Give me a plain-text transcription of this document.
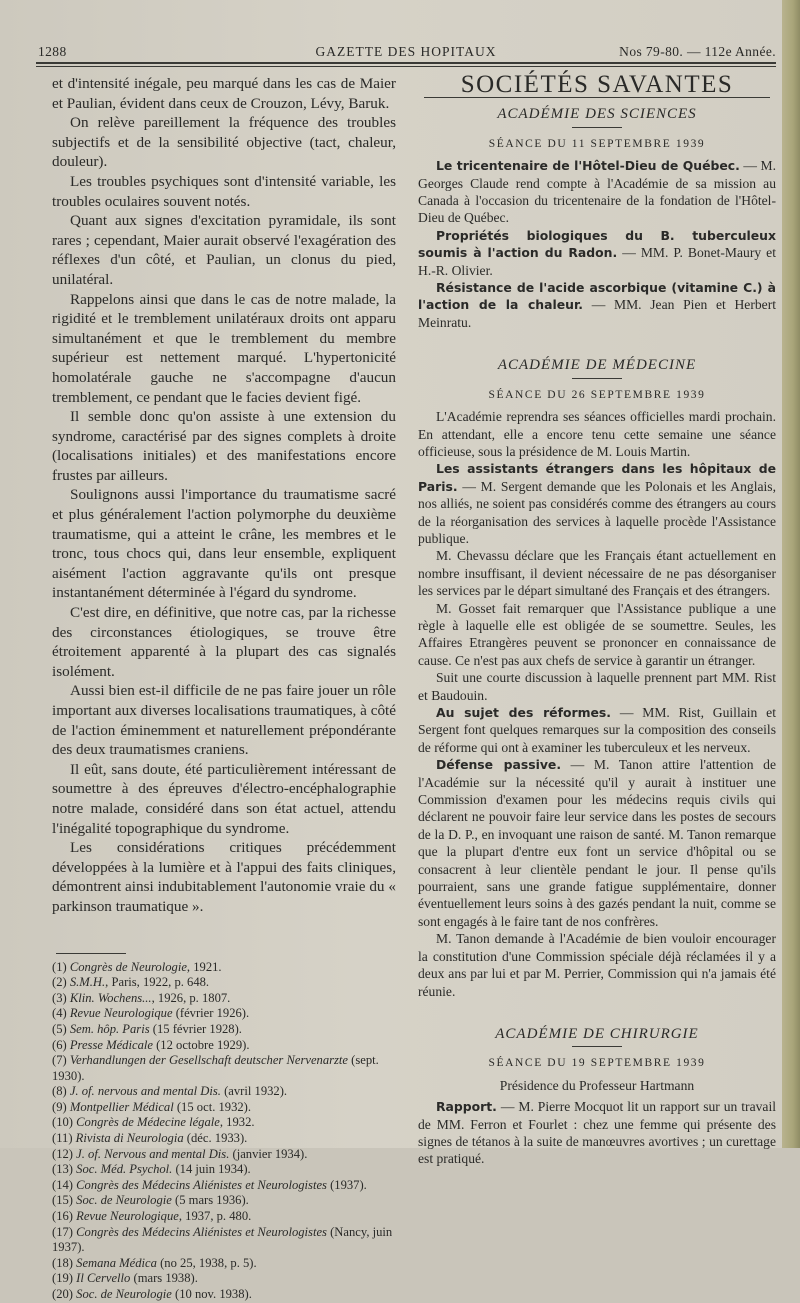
1288	GAZETTE DES HOPITAUX	Nos 79-80. — 112e Année.

et d'intensité inégale, peu marqué dans les cas de Maier et Paulian, évident dans ceux de Crouzon, Lévy, Baruk.

On relève pareillement la fréquence des troubles subjectifs et de la sensibilité objective (tact, chaleur, douleur).

Les troubles psychiques sont d'intensité variable, les troubles oculaires souvent notés.

Quant aux signes d'excitation pyramidale, ils sont rares ; cependant, Maier aurait observé l'exagération des réflexes d'un côté, et Paulian, un clonus du pied, unilatéral.

Rappelons ainsi que dans le cas de notre malade, la rigidité et le tremblement unilatéraux droits ont apparu simultanément et que le tremblement du membre supérieur est nettement marqué. L'hypertonicité homolatérale gauche ne s'accompagne d'aucun tremblement, ce pendant que le facies devient figé.

Il semble donc qu'on assiste à une extension du syndrome, caractérisé par des signes complets à droite (localisations initiales) et des manifestations encore frustes par ailleurs.

Soulignons aussi l'importance du traumatisme sacré et plus généralement l'action polymorphe du deuxième traumatisme, qui a atteint le crâne, les membres et le tronc, tous chocs qui, dans leur ensemble, expliquent aisément l'action aggravante qu'ils ont presque instantanément déterminée à l'égard du syndrome.

C'est dire, en définitive, que notre cas, par la richesse des circonstances étiologiques, se trouve être étroitement apparenté à la plupart des cas signalés isolément.

Aussi bien est-il difficile de ne pas faire jouer un rôle important aux diverses localisations traumatiques, à côté de l'action éminemment et naturellement prépondérante des deux traumatismes craniens.

Il eût, sans doute, été particulièrement intéressant de soumettre à des épreuves d'électro-encéphalographie notre malade, considéré dans son état actuel, attendu l'inégalité topographique du syndrome.

Les considérations critiques précédemment développées à la lumière et à l'appui des faits cliniques, démontrent ainsi indubitablement l'autonomie vraie du « parkinson traumatique ».

(1) Congrès de Neurologie, 1921.
(2) S.M.H., Paris, 1922, p. 648.
(3) Klin. Wochens..., 1926, p. 1807.
(4) Revue Neurologique (février 1926).
(5) Sem. hôp. Paris (15 février 1928).
(6) Presse Médicale (12 octobre 1929).
(7) Verhandlungen der Gesellschaft deutscher Nervenarzte (sept. 1930).
(8) J. of. nervous and mental Dis. (avril 1932).
(9) Montpellier Médical (15 oct. 1932).
(10) Congrès de Médecine légale, 1932.
(11) Rivista di Neurologia (déc. 1933).
(12) J. of. Nervous and mental Dis. (janvier 1934).
(13) Soc. Méd. Psychol. (14 juin 1934).
(14) Congrès des Médecins Aliénistes et Neurologistes (1937).
(15) Soc. de Neurologie (5 mars 1936).
(16) Revue Neurologique, 1937, p. 480.
(17) Congrès des Médecins Aliénistes et Neurologistes (Nancy, juin 1937).
(18) Semana Médica (no 25, 1938, p. 5).
(19) Il Cervello (mars 1938).
(20) Soc. de Neurologie (10 nov. 1938).
SOCIÉTÉS SAVANTES
ACADÉMIE DES SCIENCES
SÉANCE DU 11 SEPTEMBRE 1939

Le tricentenaire de l'Hôtel-Dieu de Québec. — M. Georges Claude rend compte à l'Académie de sa mission au Canada à l'occasion du tricentenaire de la fondation de l'Hôtel-Dieu de Québec.

Propriétés biologiques du B. tuberculeux soumis à l'action du Radon. — MM. P. Bonet-Maury et H.-R. Olivier.

Résistance de l'acide ascorbique (vitamine C.) à l'action de la chaleur. — MM. Jean Pien et Herbert Meinratu.

ACADÉMIE DE MÉDECINE
SÉANCE DU 26 SEPTEMBRE 1939

L'Académie reprendra ses séances officielles mardi prochain. En attendant, elle a encore tenu cette semaine une séance officieuse, sous la présidence de M. Louis Martin.

Les assistants étrangers dans les hôpitaux de Paris. — M. Sergent demande que les Polonais et les Anglais, nos alliés, ne soient pas considérés comme des étrangers au cours de la réorganisation des services à laquelle procède l'Assistance publique.

M. Chevassu déclare que les Français étant actuellement en nombre insuffisant, il devient nécessaire de ne pas désorganiser les services par le départ simultané des Français et des étrangers.

M. Gosset fait remarquer que l'Assistance publique a une règle à laquelle elle est obligée de se soumettre. Seules, les Affaires Etrangères peuvent se prononcer en connaissance de cause. Ce n'est pas aux chefs de service à garantir un étranger.

Suit une courte discussion à laquelle prennent part MM. Rist et Baudouin.

Au sujet des réformes. — MM. Rist, Guillain et Sergent font quelques remarques sur la composition des conseils de réforme qui ont à examiner les tuberculeux et les nerveux.

Défense passive. — M. Tanon attire l'attention de l'Académie sur la nécessité qu'il y aurait à instituer une Commission d'examen pour les médecins requis civils qui déclarent ne pouvoir faire leur service dans les postes de secours de la D. P., en invoquant une raison de santé. M. Tanon remarque que la plupart d'entre eux font un service d'hôpital ou se consacrent à leur clientèle pendant le jour. Il pense qu'ils pourraient, sans une grande fatigue supplémentaire, donner éventuellement leurs soins à des gazés pendant la nuit, comme se sont engagés à le faire tant de nos confrères.

M. Tanon demande à l'Académie de bien vouloir encourager la constitution d'une Commission spéciale déjà réclamées il y a deux ans par lui et par M. Perrier, Commission qui n'a jamais été réunie.

ACADÉMIE DE CHIRURGIE
SÉANCE DU 19 SEPTEMBRE 1939
Présidence du Professeur Hartmann

Rapport. — M. Pierre Mocquot lit un rapport sur un travail de MM. Ferron et Fourlet : chez une femme qui présente des signes de tétanos à la suite de manœuvres avortives ; un curettage est pratiqué.
